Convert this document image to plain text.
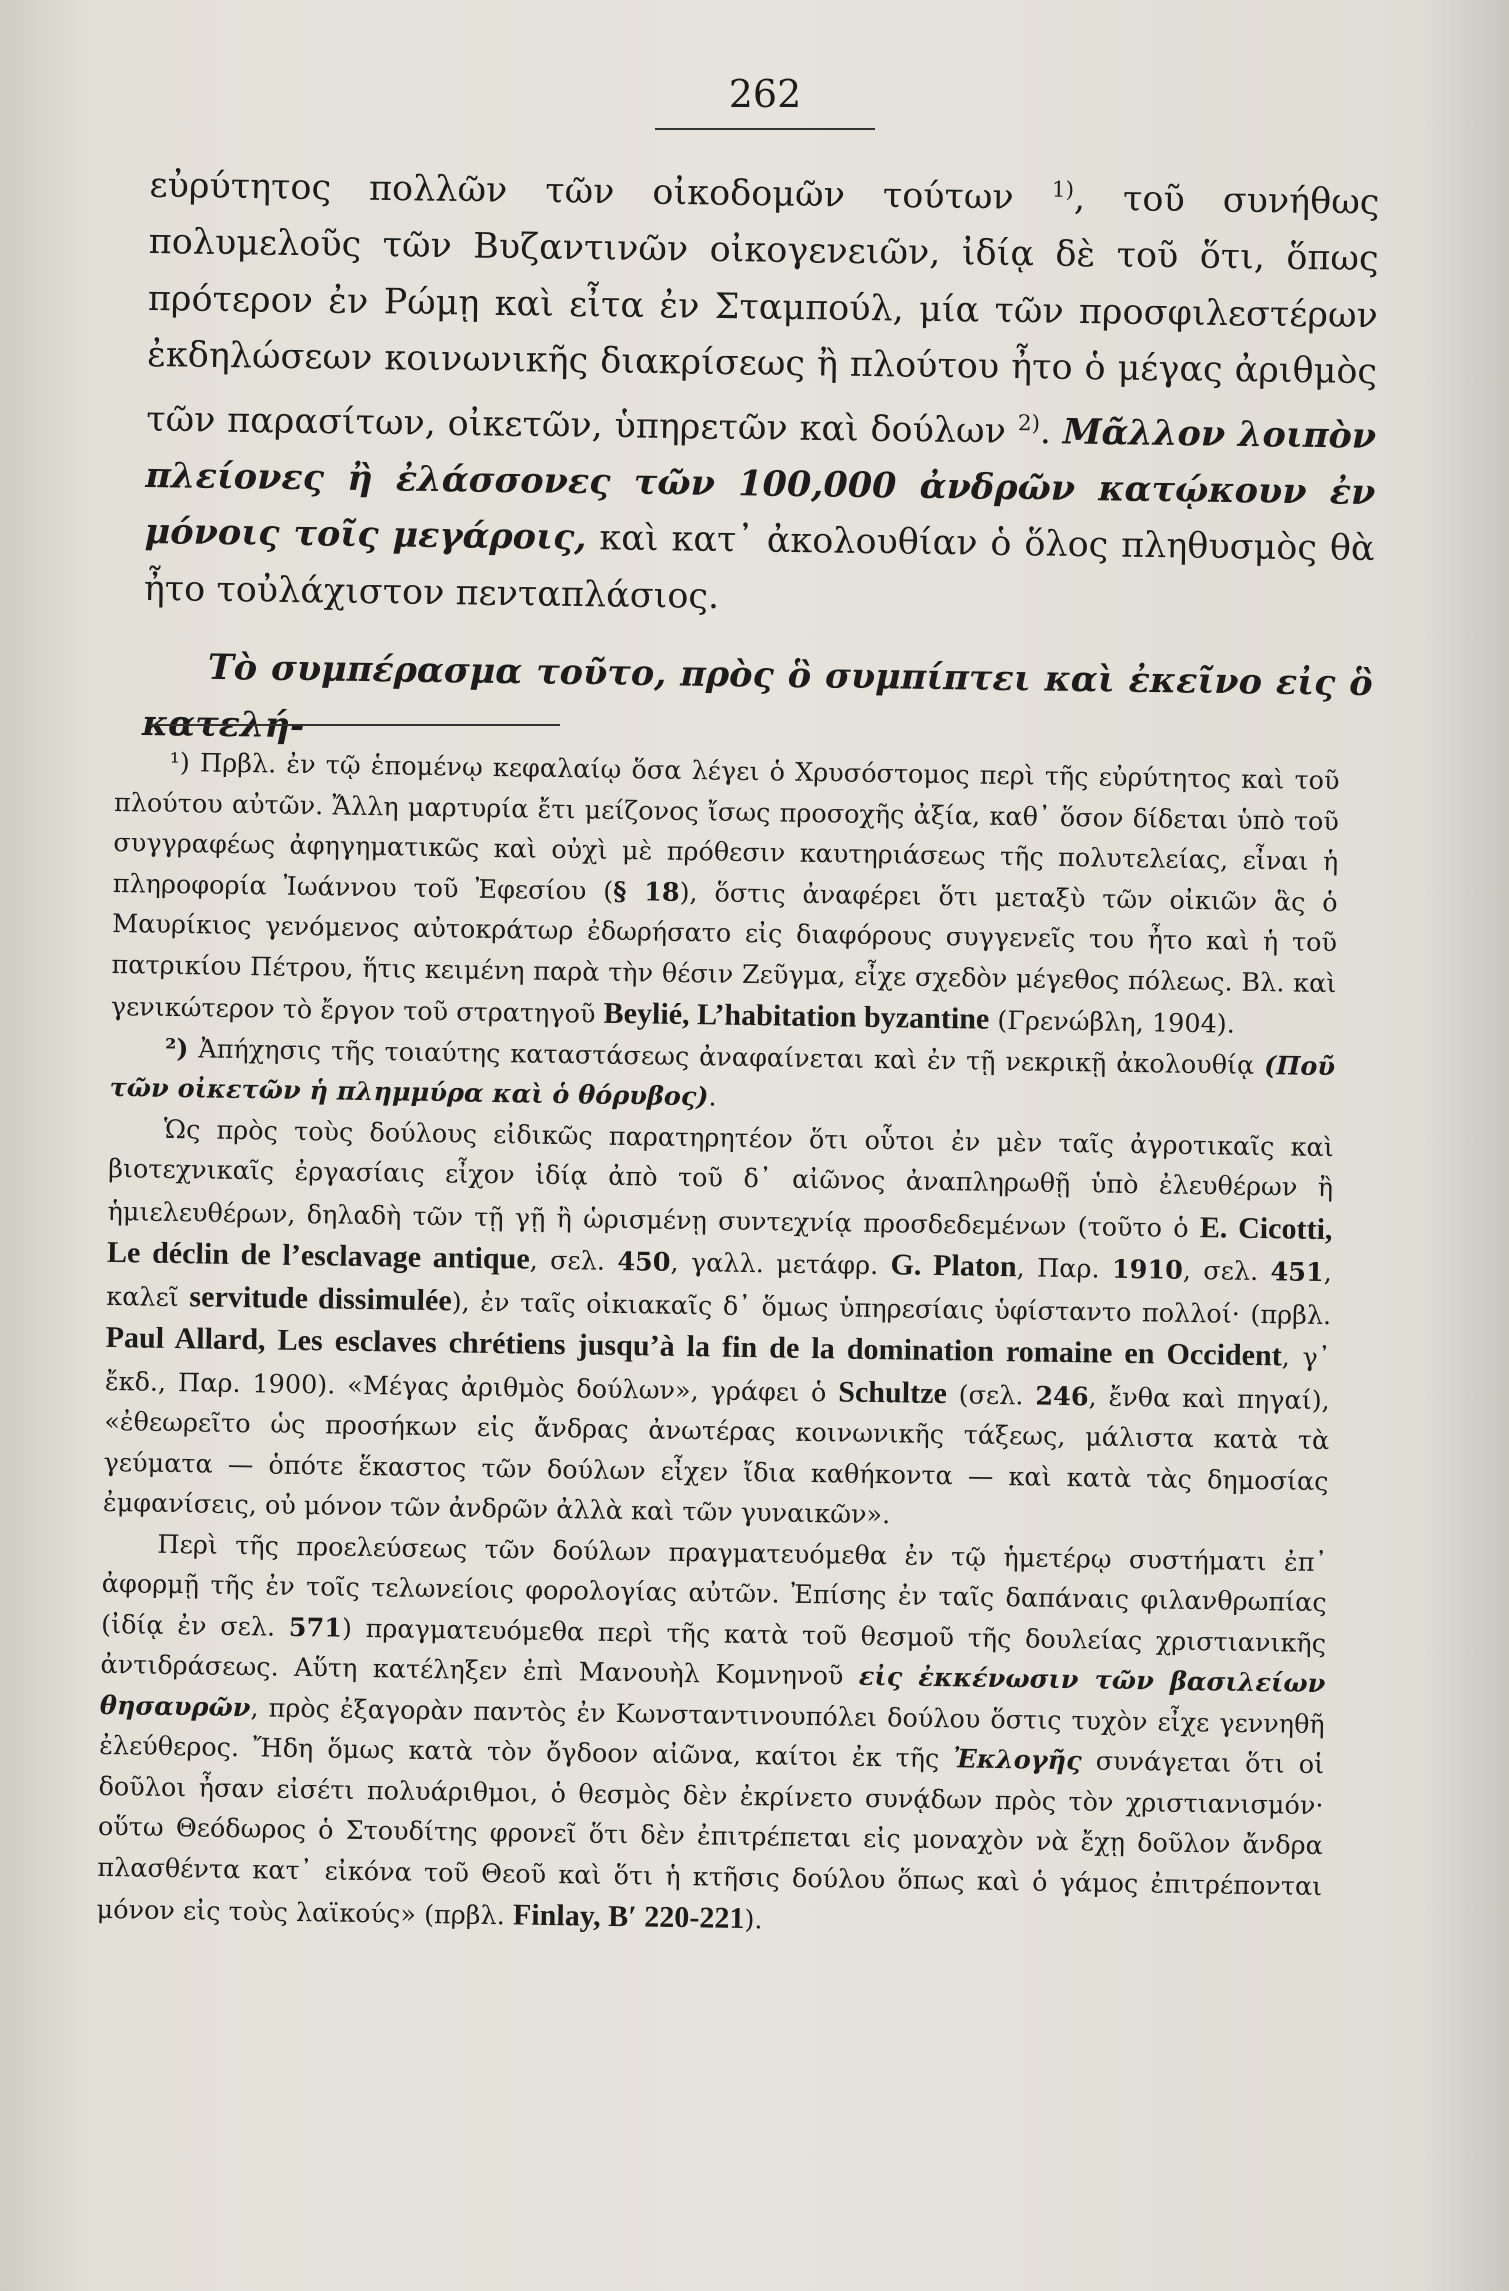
262

εὐρύτητος πολλῶν τῶν οἰκοδομῶν τούτων $^{1)}$, τοῦ συνήθως πολυμελοῦς τῶν Βυζαντινῶν οἰκογενειῶν, ἰδίᾳ δὲ τοῦ ὅτι, ὅπως πρότερον ἐν Ρώμῃ καὶ εἶτα ἐν Σταμπούλ, μία τῶν προσφιλεστέρων ἐκδηλώσεων κοινωνικῆς διακρίσεως ἢ πλούτου ἦτο ὁ μέγας ἀριθμὸς τῶν παρασίτων, οἰκετῶν, ὑπηρετῶν καὶ δούλων $^{2)}$. Μᾶλλον λοιπὸν πλείονες ἢ ἐλάσσονες τῶν 100,000 ἀνδρῶν κατῴκουν ἐν μόνοις τοῖς μεγάροις, καὶ κατ᾽ ἀκολουθίαν ὁ ὅλος πληθυσμὸς θὰ ἦτο τοὐλάχιστον πενταπλάσιος.

Τὸ συμπέρασμα τοῦτο, πρὸς ὃ συμπίπτει καὶ ἐκεῖνο εἰς ὃ κατελή-

¹) Πρβλ. ἐν τῷ ἑπομένῳ κεφαλαίῳ ὅσα λέγει ὁ Χρυσόστομος περὶ τῆς εὐρύτητος καὶ τοῦ πλούτου αὐτῶν. Ἄλλη μαρτυρία ἔτι μείζονος ἴσως προσοχῆς ἀξία, καθ᾽ ὅσον δίδεται ὑπὸ τοῦ συγγραφέως ἀφηγηματικῶς καὶ οὐχὶ μὲ πρόθεσιν καυτηριάσεως τῆς πολυτελείας, εἶναι ἡ πληροφορία Ἰωάννου τοῦ Ἐφεσίου (§ 18), ὅστις ἀναφέρει ὅτι μεταξὺ τῶν οἰκιῶν ἃς ὁ Μαυρίκιος γενόμενος αὐτοκράτωρ ἐδωρήσατο εἰς διαφόρους συγγενεῖς του ἦτο καὶ ἡ τοῦ πατρικίου Πέτρου, ἥτις κειμένη παρὰ τὴν θέσιν Ζεῦγμα, εἶχε σχεδὸν μέγεθος πόλεως. Βλ. καὶ γενικώτερον τὸ ἔργον τοῦ στρατηγοῦ Beylié, L’habitation byzantine (Γρενώβλη, 1904).

²) Ἀπήχησις τῆς τοιαύτης καταστάσεως ἀναφαίνεται καὶ ἐν τῇ νεκρικῇ ἀκολουθίᾳ (Ποῦ τῶν οἰκετῶν ἡ πλημμύρα καὶ ὁ θόρυβος).

Ὡς πρὸς τοὺς δούλους εἰδικῶς παρατηρητέον ὅτι οὗτοι ἐν μὲν ταῖς ἀγροτικαῖς καὶ βιοτεχνικαῖς ἐργασίαις εἶχον ἰδίᾳ ἀπὸ τοῦ δ᾽ αἰῶνος ἀναπληρωθῇ ὑπὸ ἐλευθέρων ἢ ἡμιελευθέρων, δηλαδὴ τῶν τῇ γῇ ἢ ὡρισμένῃ συντεχνίᾳ προσδεδεμένων (τοῦτο ὁ E. Cicotti, Le déclin de l’esclavage antique, σελ. 450, γαλλ. μετάφρ. G. Platon, Παρ. 1910, σελ. 451, καλεῖ servitude dissimulée), ἐν ταῖς οἰκιακαῖς δ᾽ ὅμως ὑπηρεσίαις ὑφίσταντο πολλοί· (πρβλ. Paul Allard, Les esclaves chrétiens jusqu’à la fin de la domination romaine en Occident, γ᾽ ἔκδ., Παρ. 1900). «Μέγας ἀριθμὸς δούλων», γράφει ὁ Schultze (σελ. 246, ἔνθα καὶ πηγαί), «ἐθεωρεῖτο ὡς προσήκων εἰς ἄνδρας ἀνωτέρας κοινωνικῆς τάξεως, μάλιστα κατὰ τὰ γεύματα — ὁπότε ἕκαστος τῶν δούλων εἶχεν ἴδια καθήκοντα — καὶ κατὰ τὰς δημοσίας ἐμφανίσεις, οὐ μόνον τῶν ἀνδρῶν ἀλλὰ καὶ τῶν γυναικῶν».

Περὶ τῆς προελεύσεως τῶν δούλων πραγματευόμεθα ἐν τῷ ἡμετέρῳ συστήματι ἐπ᾽ ἀφορμῇ τῆς ἐν τοῖς τελωνείοις φορολογίας αὐτῶν. Ἐπίσης ἐν ταῖς δαπάναις φιλανθρωπίας (ἰδίᾳ ἐν σελ. 571) πραγματευόμεθα περὶ τῆς κατὰ τοῦ θεσμοῦ τῆς δουλείας χριστιανικῆς ἀντιδράσεως. Αὕτη κατέληξεν ἐπὶ Μανουὴλ Κομνηνοῦ εἰς ἐκκένωσιν τῶν βασιλείων θησαυρῶν, πρὸς ἐξαγορὰν παντὸς ἐν Κωνσταντινουπόλει δούλου ὅστις τυχὸν εἶχε γεννηθῆ ἐλεύθερος. Ἤδη ὅμως κατὰ τὸν ὄγδοον αἰῶνα, καίτοι ἐκ τῆς Ἐκλογῆς συνάγεται ὅτι οἱ δοῦλοι ἦσαν εἰσέτι πολυάριθμοι, ὁ θεσμὸς δὲν ἐκρίνετο συνᾴδων πρὸς τὸν χριστιανισμόν· οὕτω Θεόδωρος ὁ Στουδίτης φρονεῖ ὅτι δὲν ἐπιτρέπεται εἰς μοναχὸν νὰ ἔχῃ δοῦλον ἄνδρα πλασθέντα κατ᾽ εἰκόνα τοῦ Θεοῦ καὶ ὅτι ἡ κτῆσις δούλου ὅπως καὶ ὁ γάμος ἐπιτρέπονται μόνον εἰς τοὺς λαϊκούς» (πρβλ. Finlay, Β′ 220-221).
